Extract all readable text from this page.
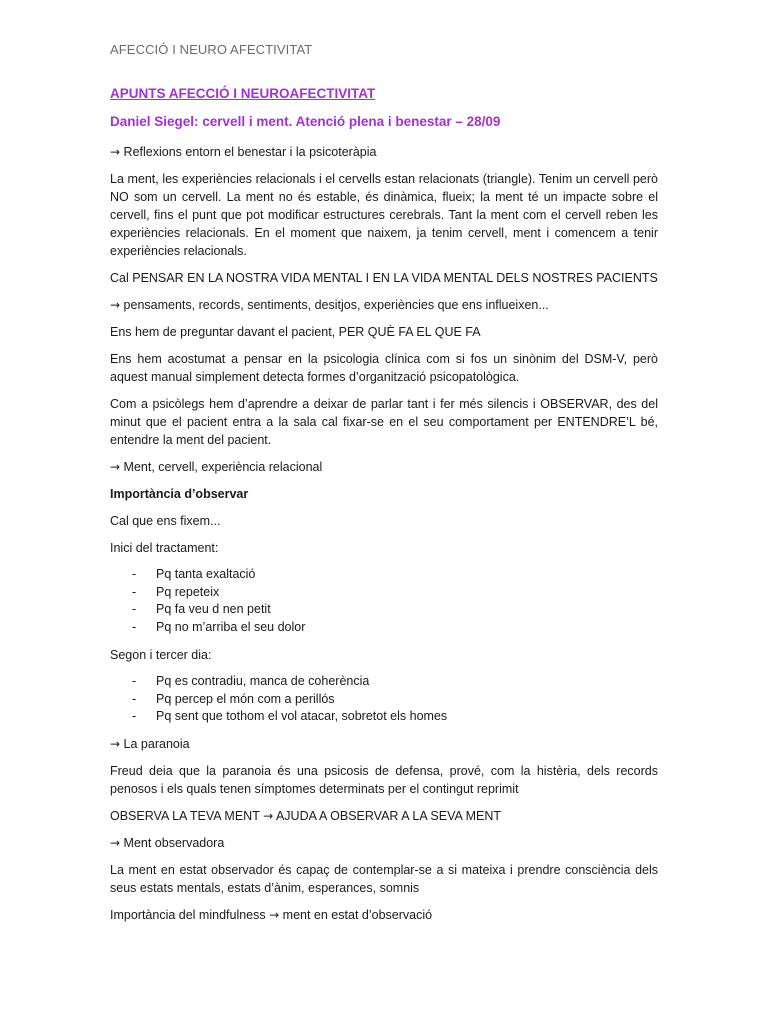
AFECCIÓ I NEURO AFECTIVITAT
APUNTS AFECCIÓ I NEUROAFECTIVITAT
Daniel Siegel: cervell i ment. Atenció plena i benestar – 28/09

→ Reflexions entorn el benestar i la psicoteràpia

La ment, les experiències relacionals i el cervells estan relacionats (triangle). Tenim un cervell però NO som un cervell. La ment no és estable, és dinàmica, flueix; la ment té un impacte sobre el cervell, fins el punt que pot modificar estructures cerebrals. Tant la ment com el cervell reben les experiències relacionals. En el moment que naixem, ja tenim cervell, ment i comencem a tenir experiències relacionals.

Cal PENSAR EN LA NOSTRA VIDA MENTAL I EN LA VIDA MENTAL DELS NOSTRES PACIENTS

→ pensaments, records, sentiments, desitjos, experiències que ens influeixen...

Ens hem de preguntar davant el pacient, PER QUÈ FA EL QUE FA

Ens hem acostumat a pensar en la psicologia clínica com si fos un sinònim del DSM-V, però aquest manual simplement detecta formes d’organització psicopatològica.

Com a psicòlegs hem d’aprendre a deixar de parlar tant i fer més silencis i OBSERVAR, des del minut que el pacient entra a la sala cal fixar-se en el seu comportament per ENTENDRE’L bé, entendre la ment del pacient.

→ Ment, cervell, experiència relacional

Importància d’observar

Cal que ens fixem...

Inici del tractament:

- Pq tanta exaltació
- Pq repeteix
- Pq fa veu d nen petit
- Pq no m’arriba el seu dolor

Segon i tercer dia:

- Pq es contradiu, manca de coherència
- Pq percep el món com a perillós
- Pq sent que tothom el vol atacar, sobretot els homes

→ La paranoia

Freud deia que la paranoia és una psicosis de defensa, prové, com la histèria, dels records penosos i els quals tenen símptomes determinats per el contingut reprimit

OBSERVA LA TEVA MENT → AJUDA A OBSERVAR A LA SEVA MENT

→ Ment observadora

La ment en estat observador és capaç de contemplar-se a si mateixa i prendre consciència dels seus estats mentals, estats d’ànim, esperances, somnis

Importància del mindfulness → ment en estat d’observació
